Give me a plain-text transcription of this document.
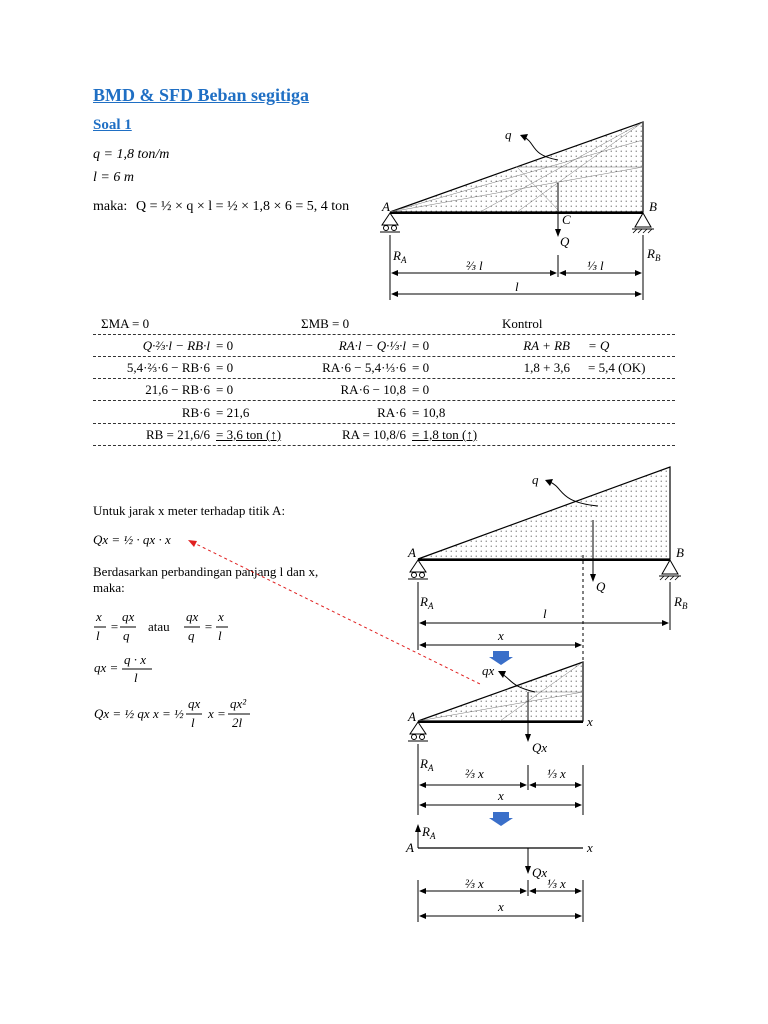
BMD & SFD Beban segitiga
Soal 1
q = 1,8 ton/m
l = 6 m
maka: Q = ½ × q × l = ½ × 1,8 × 6 = 5, 4 ton
q
A	B
C
Q
$R_A$	$R_B$
⅔ l	⅓ l
l
ΣMA = 0	ΣMB = 0	Kontrol
Q·⅔·l − RB·l = 0	RA·l − Q·⅓·l = 0	RA + RB = Q
5,4·⅔·6 − RB·6 = 0	RA·6 − 5,4·⅓·6 = 0	1,8 + 3,6 = 5,4 (OK)
21,6 − RB·6 = 0	RA·6 − 10,8 = 0
RB·6 = 21,6	RA·6 = 10,8
RB = 21,6/6 = 3,6 ton (↑)	RA = 10,8/6 = 1,8 ton (↑)
Untuk jarak x meter terhadap titik A:
Qx = ½ · qx · x
Berdasarkan perbandingan panjang l dan x,
maka:
x
l
=
qx
q
atau
qx
q
=
x
l
qx =
q · x
l
Qx = ½ qx x = ½
qx
l
x =
qx²
2l
q
A	B
Q
$R_A$	$R_B$
l
x
qx
A	x
Qx
$R_A$ ⅔ x	⅓ x
x
$R_A$
A	x
Qx
⅔ x	⅓ x
x
